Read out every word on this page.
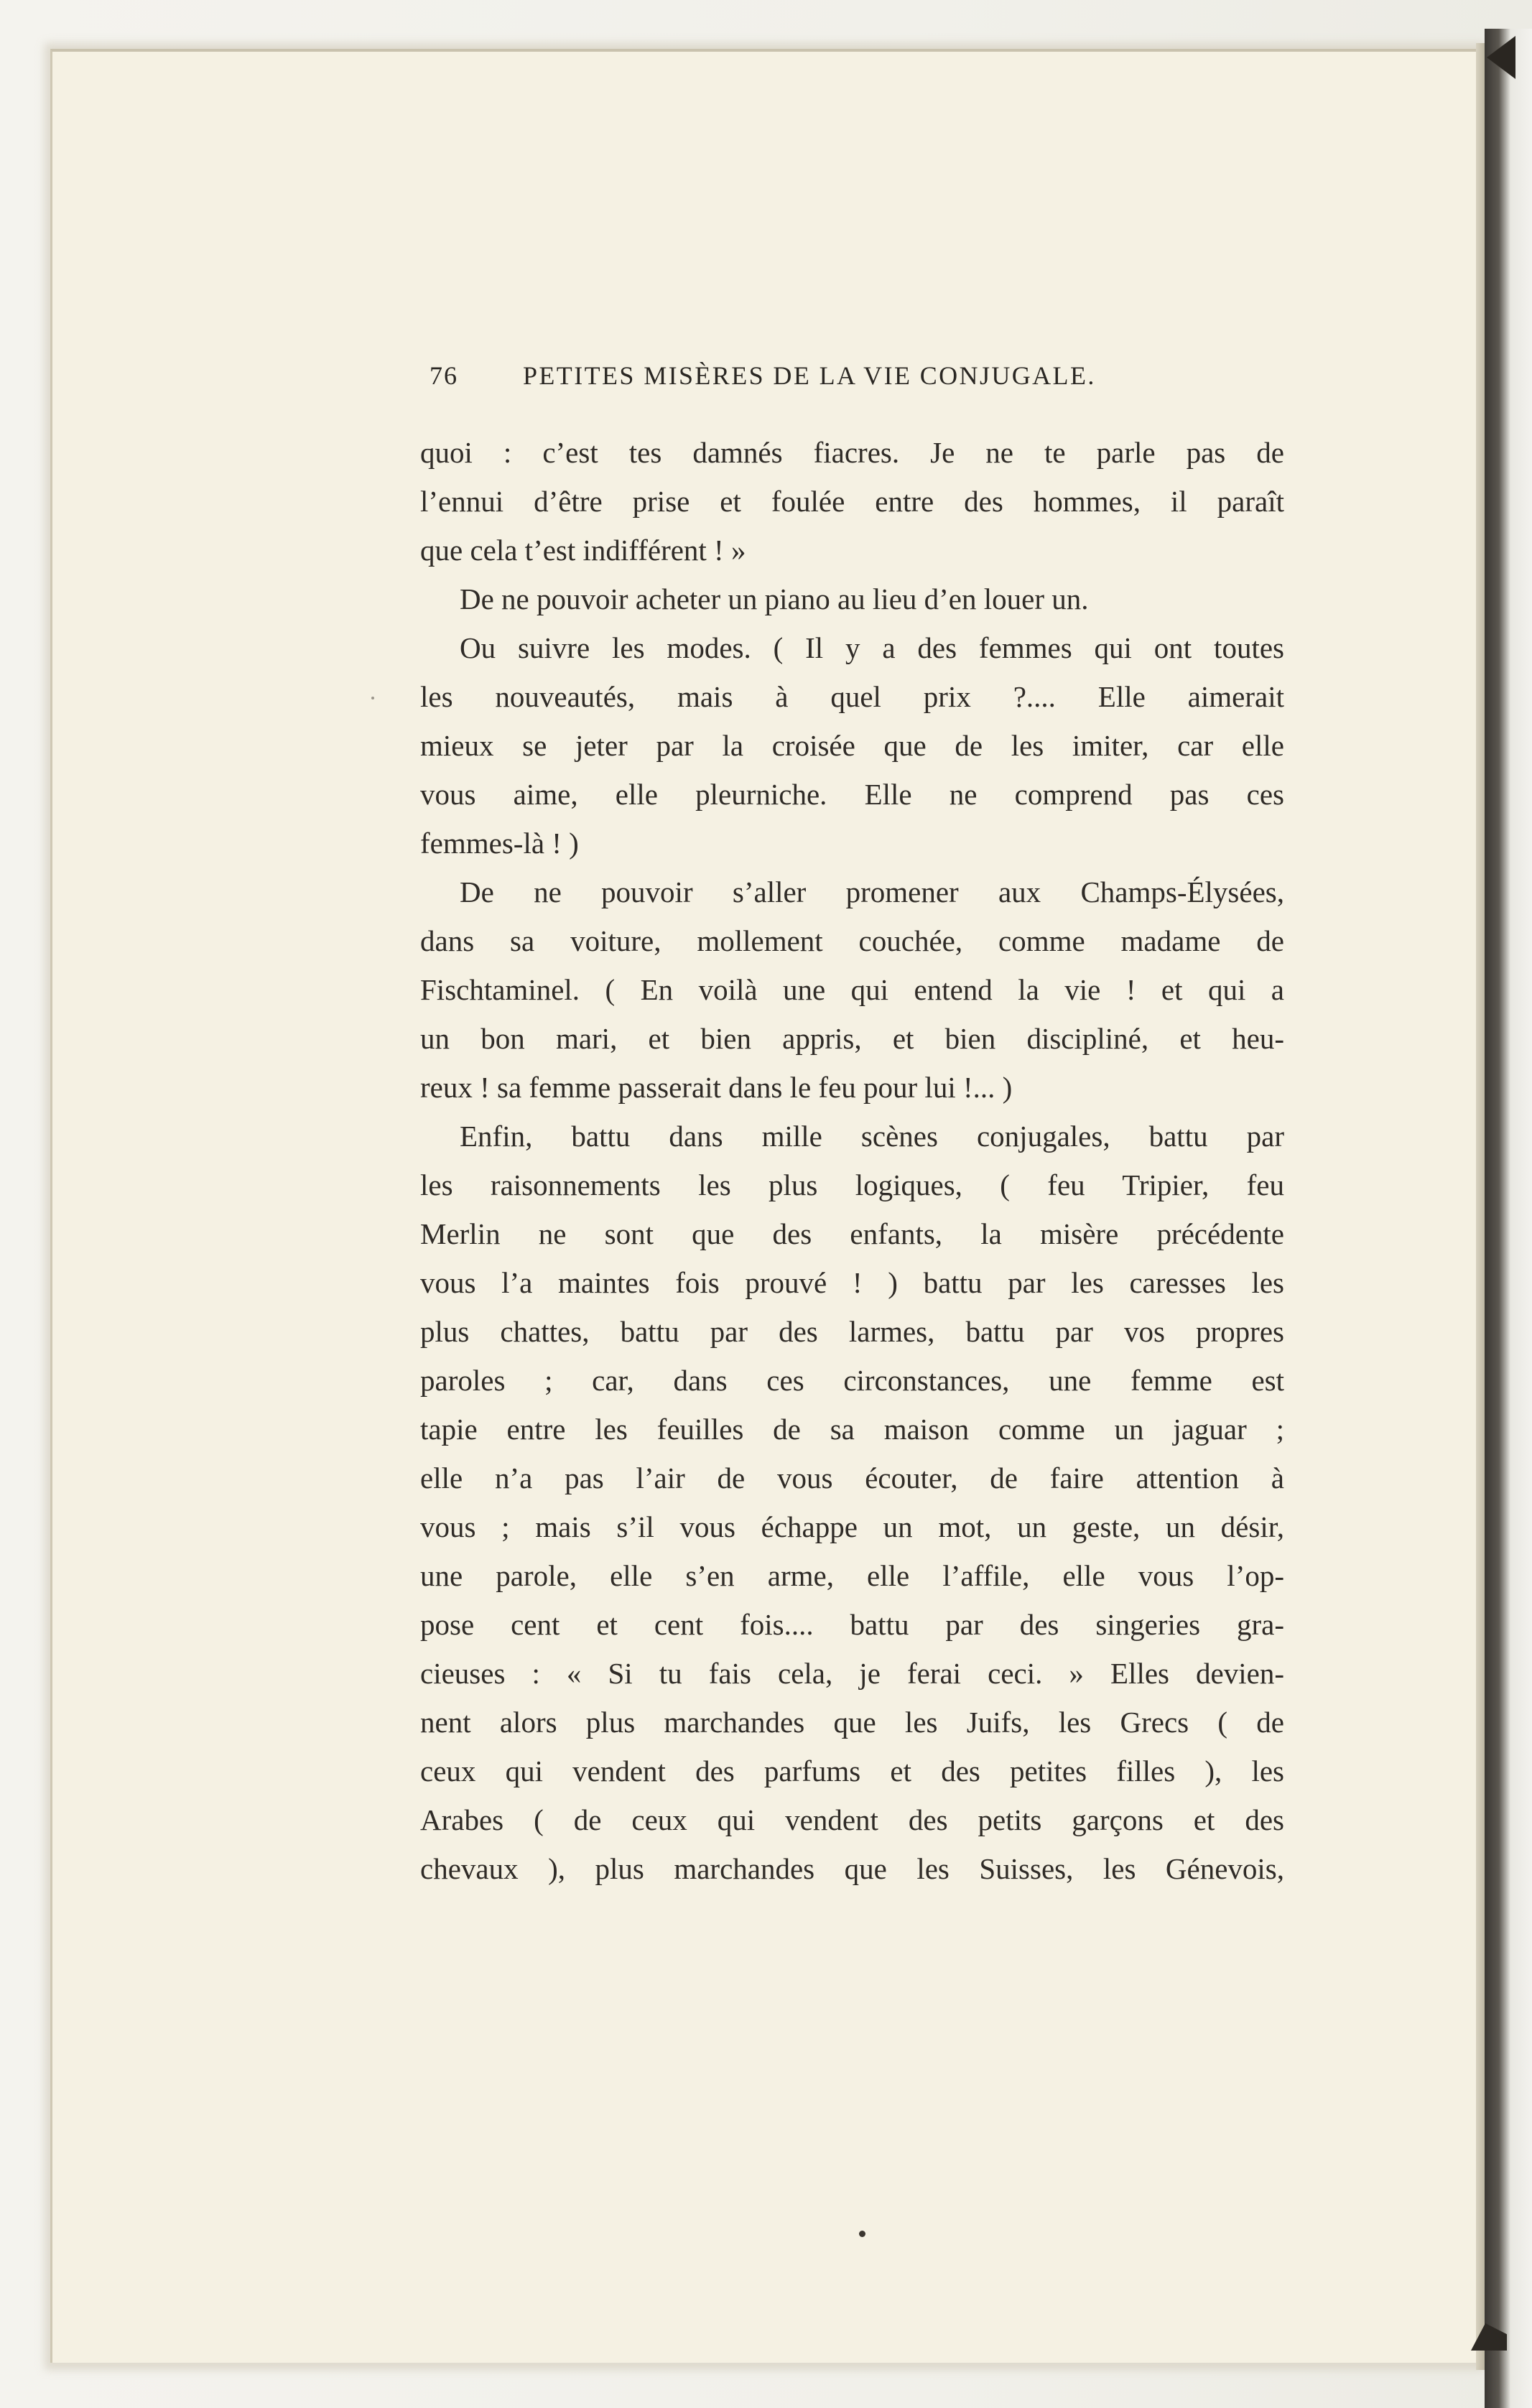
76	PETITES MISÈRES DE LA VIE CONJUGALE.
quoi : c’est tes damnés fiacres. Je ne te parle pas de
l’ennui d’être prise et foulée entre des hommes, il paraît
que cela t’est indifférent ! »
De ne pouvoir acheter un piano au lieu d’en louer un.
Ou suivre les modes. ( Il y a des femmes qui ont toutes
les nouveautés, mais à quel prix ?.... Elle aimerait
mieux se jeter par la croisée que de les imiter, car elle
vous aime, elle pleurniche. Elle ne comprend pas ces
femmes-là ! )
De ne pouvoir s’aller promener aux Champs-Élysées,
dans sa voiture, mollement couchée, comme madame de
Fischtaminel. ( En voilà une qui entend la vie ! et qui a
un bon mari, et bien appris, et bien discipliné, et heu-
reux ! sa femme passerait dans le feu pour lui !... )
Enfin, battu dans mille scènes conjugales, battu par
les raisonnements les plus logiques, ( feu Tripier, feu
Merlin ne sont que des enfants, la misère précédente
vous l’a maintes fois prouvé ! ) battu par les caresses les
plus chattes, battu par des larmes, battu par vos propres
paroles ; car, dans ces circonstances, une femme est
tapie entre les feuilles de sa maison comme un jaguar ;
elle n’a pas l’air de vous écouter, de faire attention à
vous ; mais s’il vous échappe un mot, un geste, un désir,
une parole, elle s’en arme, elle l’affile, elle vous l’op-
pose cent et cent fois.... battu par des singeries gra-
cieuses : « Si tu fais cela, je ferai ceci. » Elles devien-
nent alors plus marchandes que les Juifs, les Grecs ( de
ceux qui vendent des parfums et des petites filles ), les
Arabes ( de ceux qui vendent des petits garçons et des
chevaux ), plus marchandes que les Suisses, les Génevois,
